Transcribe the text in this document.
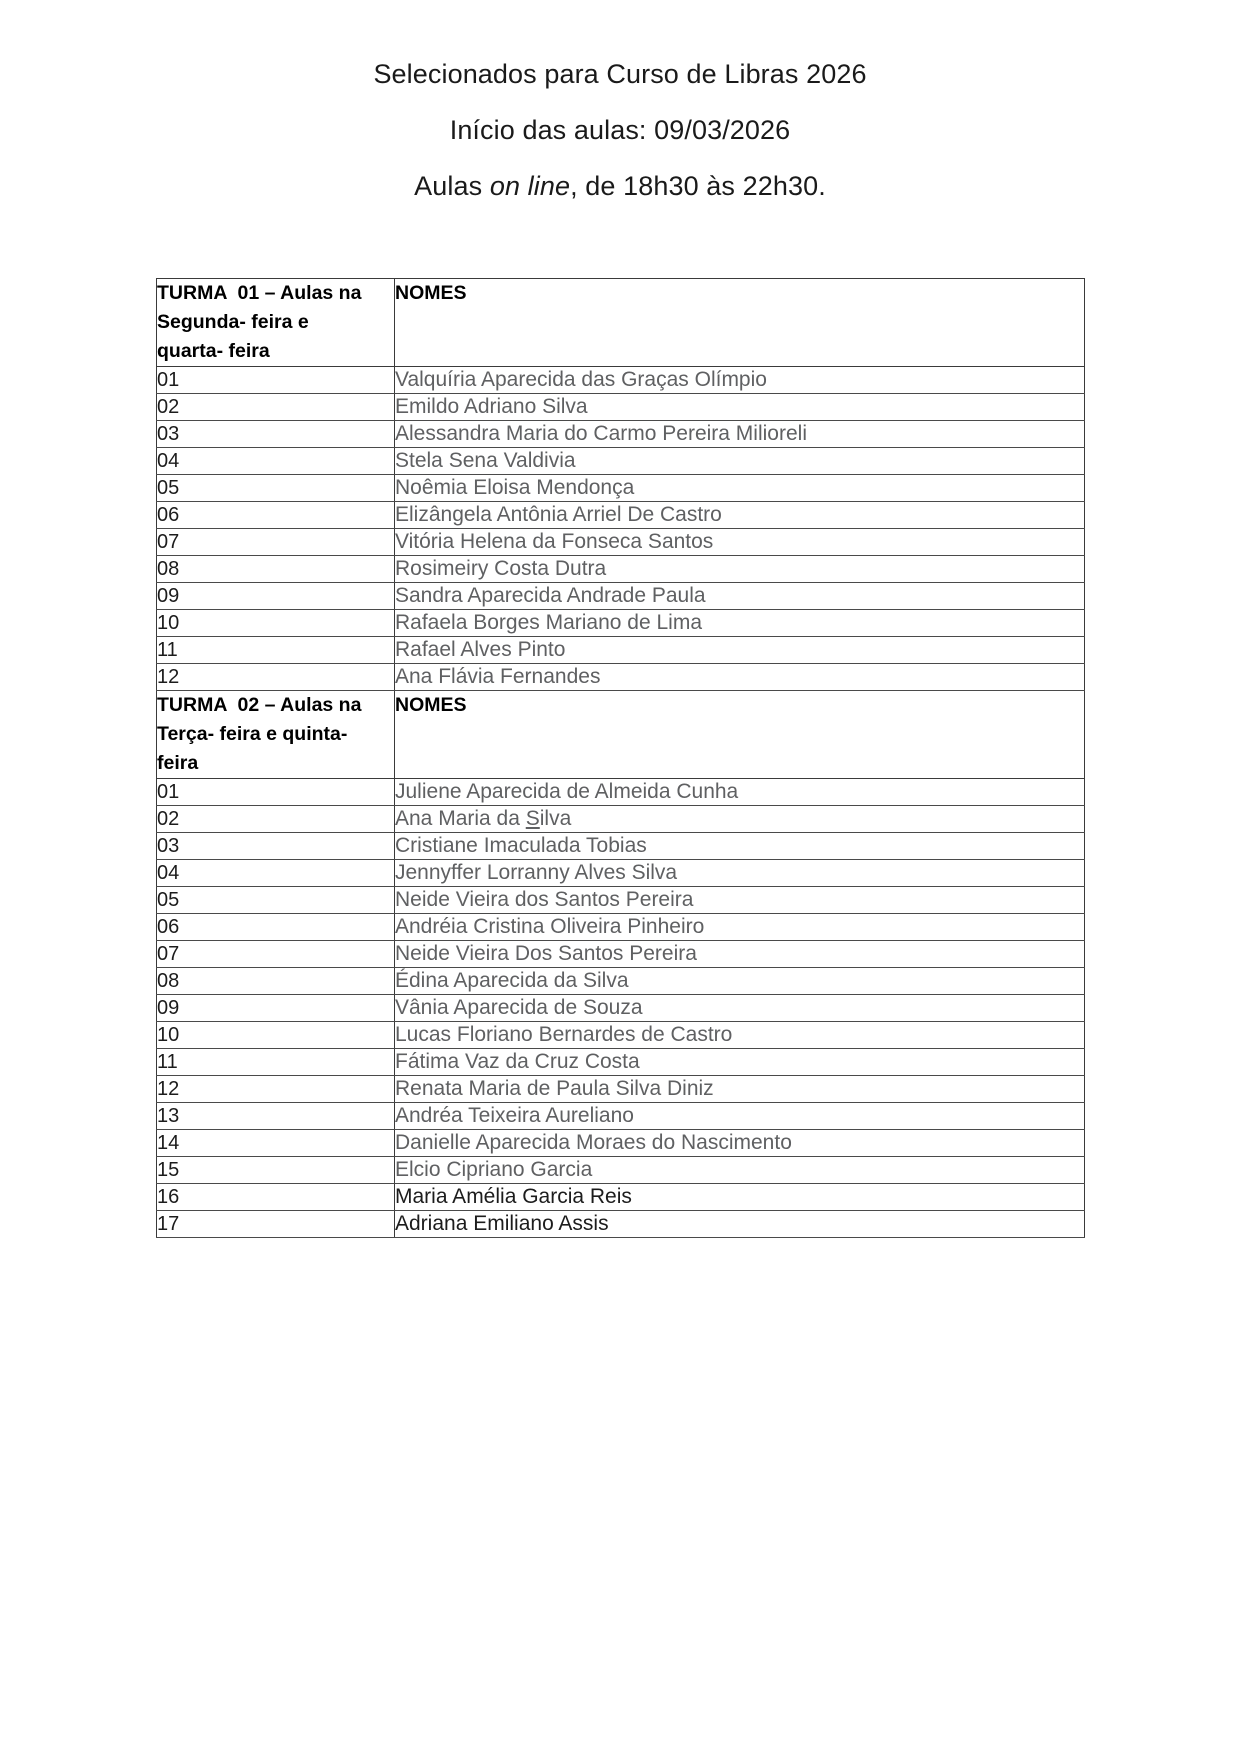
Selecionados para Curso de Libras 2026
Início das aulas: 09/03/2026
Aulas on line, de 18h30 às 22h30.
TURMA  01 – Aulas na
Segunda- feira e
quarta- feira	NOMES
01	Valquíria Aparecida das Graças Olímpio
02	Emildo Adriano Silva
03	Alessandra Maria do Carmo Pereira Milioreli
04	Stela Sena Valdivia
05	Noêmia Eloisa Mendonça
06	Elizângela Antônia Arriel De Castro
07	Vitória Helena da Fonseca Santos
08	Rosimeiry Costa Dutra
09	Sandra Aparecida Andrade Paula
10	Rafaela Borges Mariano de Lima
11	Rafael Alves Pinto
12	Ana Flávia Fernandes

TURMA  02 – Aulas na
Terça- feira e quinta-
feira	NOMES
01	Juliene Aparecida de Almeida Cunha
02	Ana Maria da Silva
03	Cristiane Imaculada Tobias
04	Jennyffer Lorranny Alves Silva
05	Neide Vieira dos Santos Pereira
06	Andréia Cristina Oliveira Pinheiro
07	Neide Vieira Dos Santos Pereira
08	Édina Aparecida da Silva
09	Vânia Aparecida de Souza
10	Lucas Floriano Bernardes de Castro
11	Fátima Vaz da Cruz Costa
12	Renata Maria de Paula Silva Diniz
13	Andréa Teixeira Aureliano
14	Danielle Aparecida Moraes do Nascimento
15	Elcio Cipriano Garcia
16	Maria Amélia Garcia Reis
17	Adriana Emiliano Assis
